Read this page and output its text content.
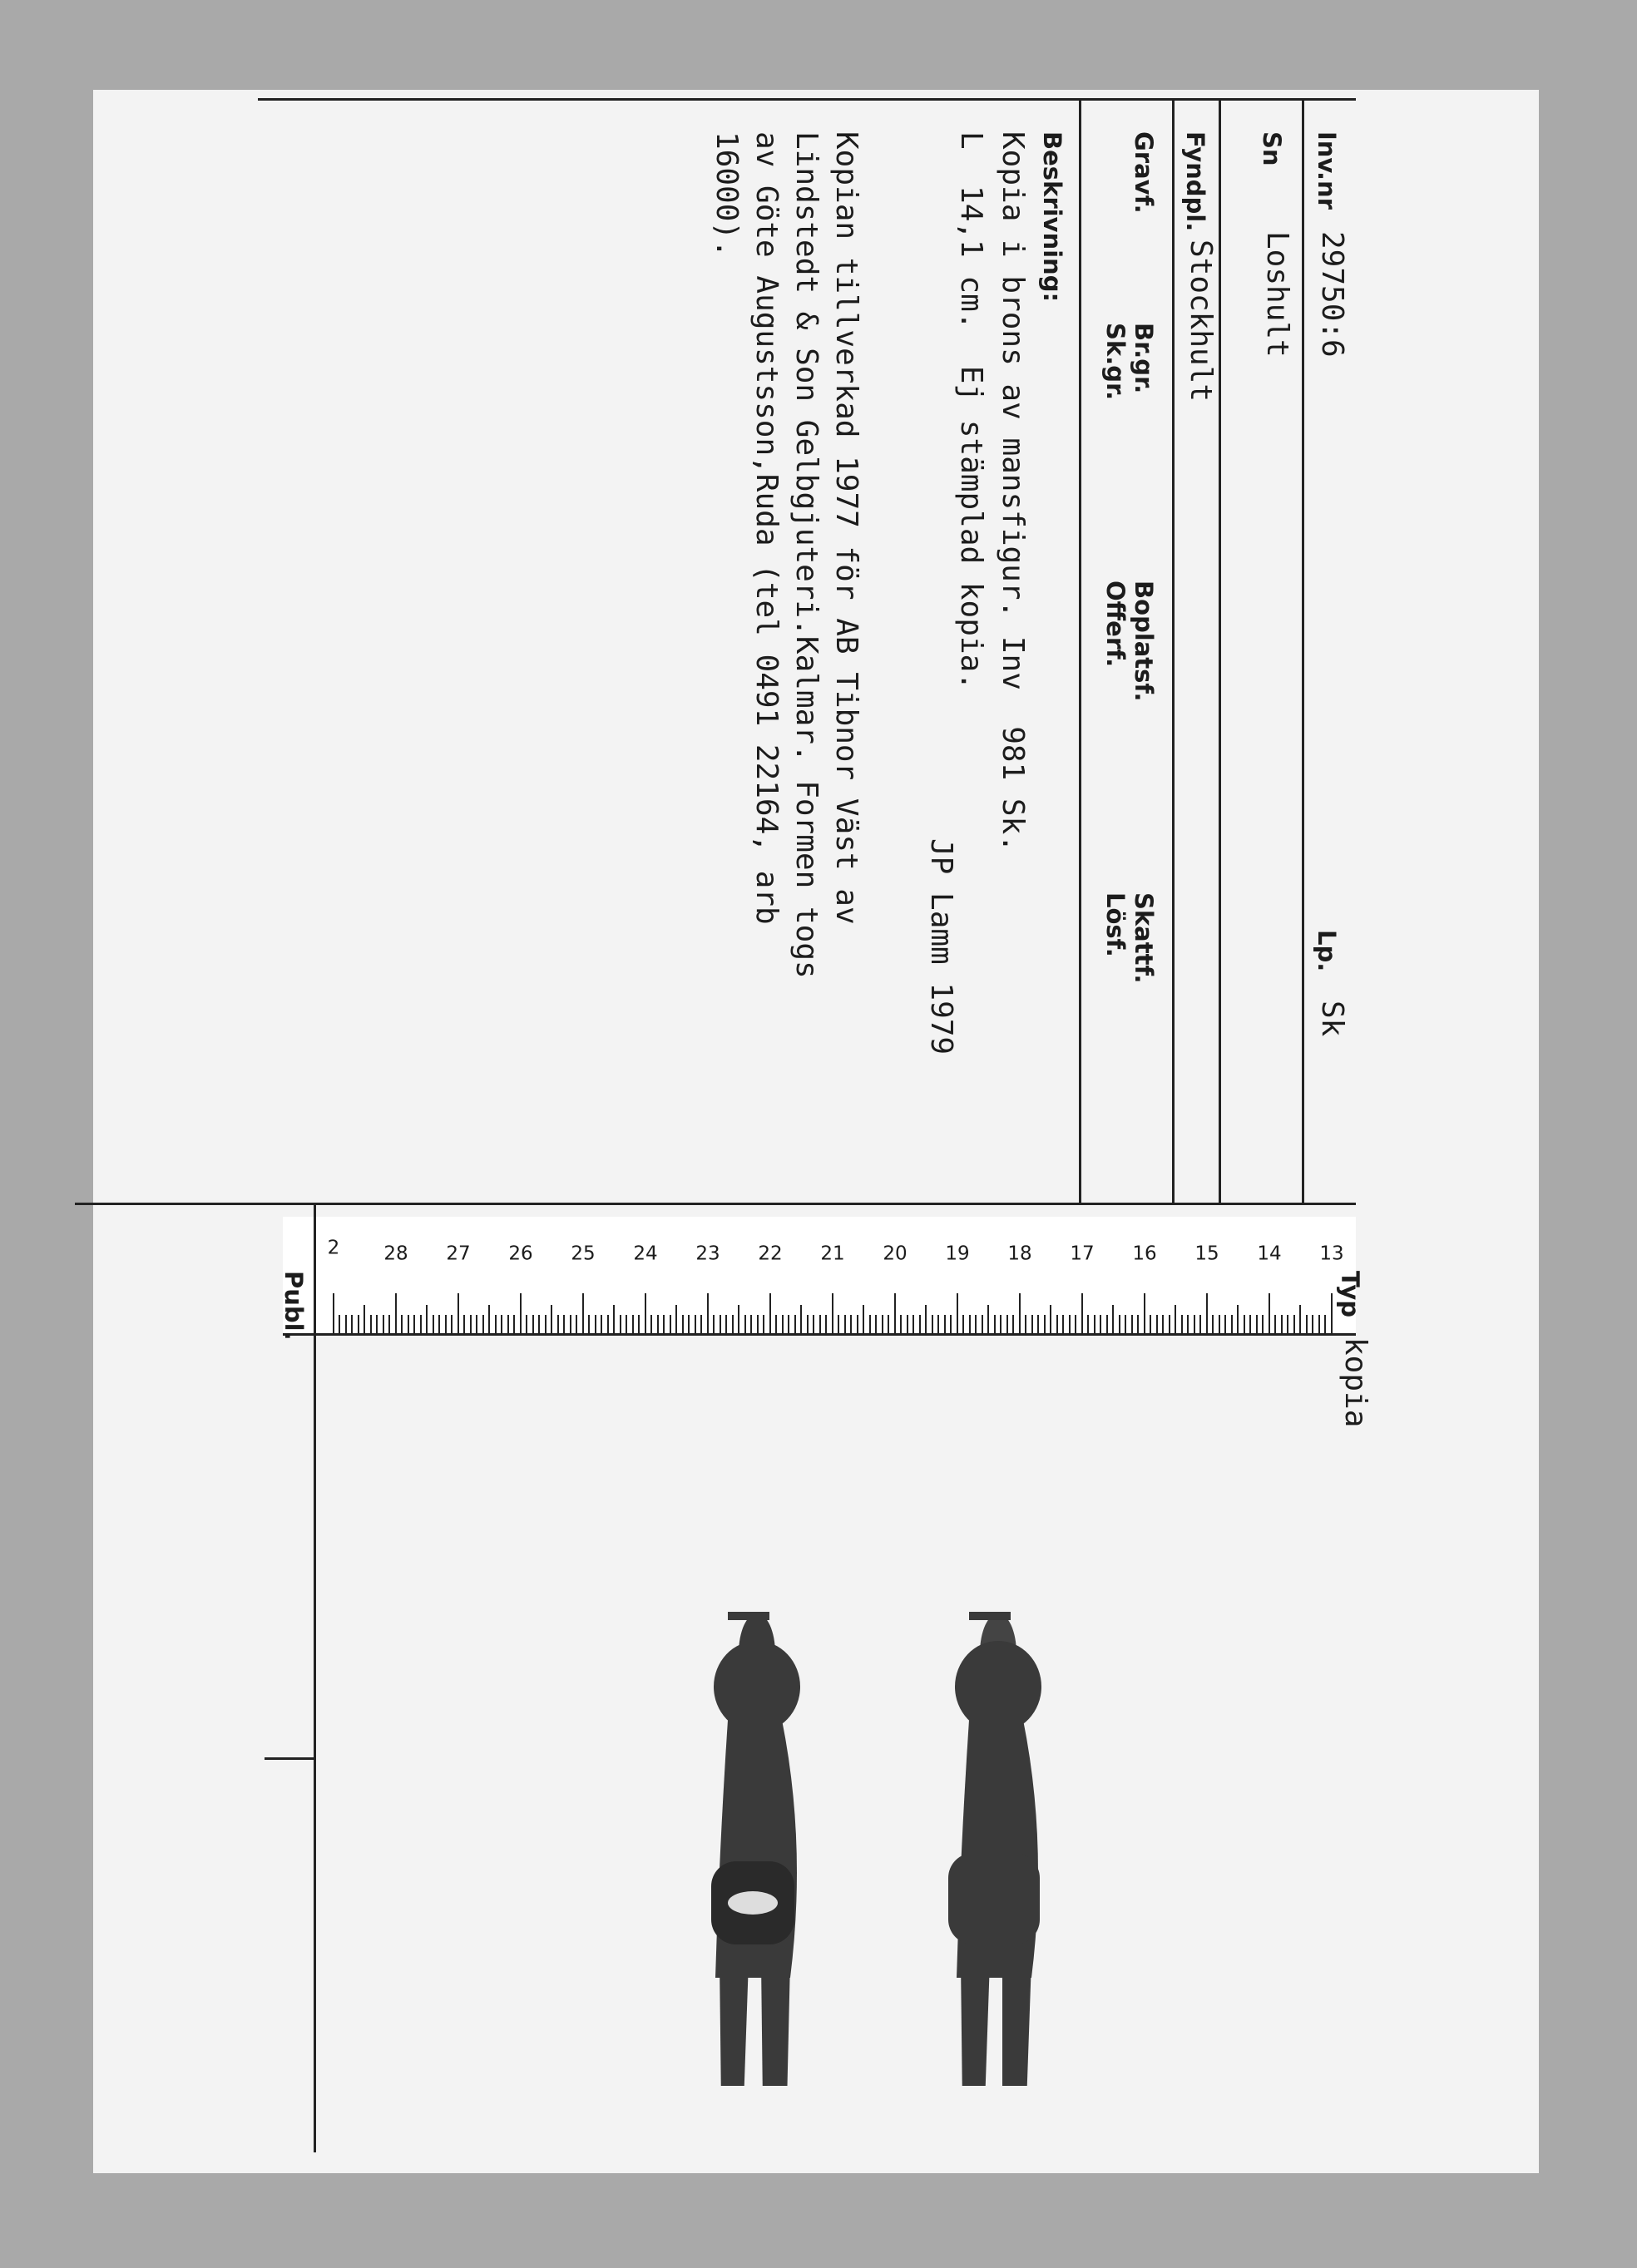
Inv.nr
29750:6
Lp.
Sk
Sn
Loshult
Fyndpl.
Stockhult
Gravf.
Br.gr.
Sk.gr.
Boplatsf.
Offerf.
Skattf.
Lösf.
Beskrivning:
Kopia i brons av mansfigur. Inv  981 Sk.
L  14,1 cm.  Ej stämplad kopia.
JP Lamm 1979
Kopian tillverkad 1977 för AB Tibnor Väst av
Lindstedt & Son Gelbgjuteri.Kalmar. Formen togs
av Göte Augustsson,Ruda (tel 0491 22164, arb
16000).
13
14
15
16
17
18
19
20
21
22
23
24
25
26
27
28
2
Typ
kopia
Publ.
